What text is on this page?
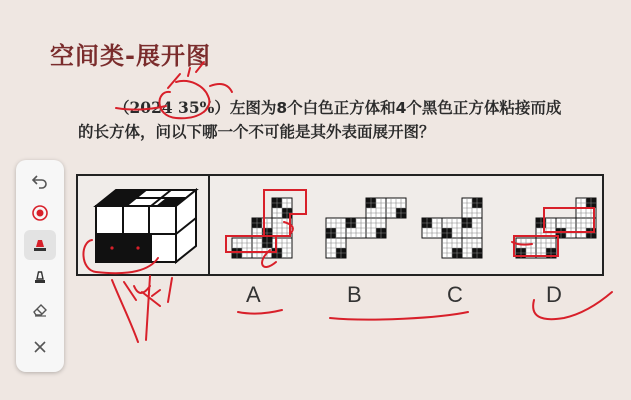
空间类-展开图
（2024 35%）左图为8个白色正方体和4个黑色正方体粘接而成
的长方体，问以下哪一个不可能是其外表面展开图？
A	B	C	D
